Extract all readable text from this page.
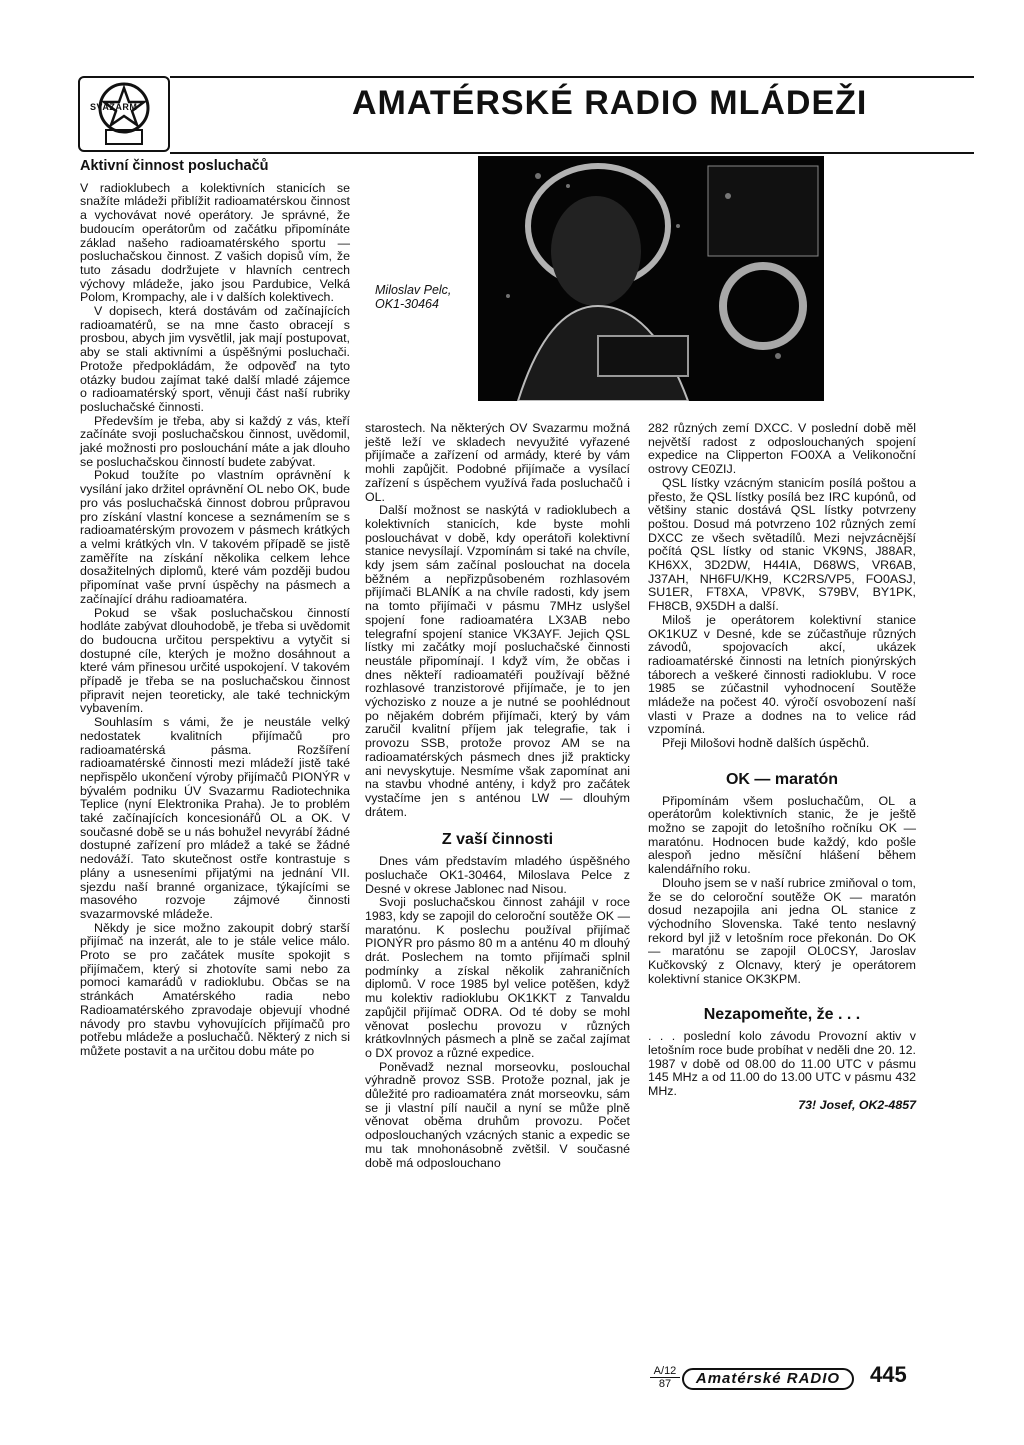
SVAZARM	AMATÉRSKÉ RADIO MLÁDEŽI
Aktivní činnost posluchačů

V radioklubech a kolektivních stanicích se snažíte mládeži přiblížit radioamatérskou činnost a vychovávat nové operátory. Je správné, že budoucím operátorům od začátku připomínáte základ našeho radioamatérského sportu — posluchačskou činnost. Z vašich dopisů vím, že tuto zásadu dodržujete v hlavních centrech výchovy mládeže, jako jsou Pardubice, Velká Polom, Krompachy, ale i v dalších kolektivech.

V dopisech, která dostávám od začínajících radioamatérů, se na mne často obracejí s prosbou, abych jim vysvětlil, jak mají postupovat, aby se stali aktivními a úspěšnými posluchači. Protože předpokládám, že odpověď na tyto otázky budou zajímat také další mladé zájemce o radioamatérský sport, věnuji část naší rubriky posluchačské činnosti.

Především je třeba, aby si každý z vás, kteří začínáte svoji posluchačskou činnost, uvědomil, jaké možnosti pro poslouchání máte a jak dlouho se posluchačskou činností budete zabývat.

Pokud toužíte po vlastním oprávnění k vysílání jako držitel oprávnění OL nebo OK, bude pro vás posluchačská činnost dobrou průpravou pro získání vlastní koncese a seznámením se s radioamatérským provozem v pásmech krátkých a velmi krátkých vln. V takovém případě se jistě zaměříte na získání několika celkem lehce dosažitelných diplomů, které vám později budou připomínat vaše první úspěchy na pásmech a začínající dráhu radioamatéra.

Pokud se však posluchačskou činností hodláte zabývat dlouhodobě, je třeba si uvědomit do budoucna určitou perspektivu a vytyčit si dostupné cíle, kterých je možno dosáhnout a které vám přinesou určité uspokojení. V takovém případě je třeba se na posluchačskou činnost připravit nejen teoreticky, ale také technickým vybavením.

Souhlasím s vámi, že je neustále velký nedostatek kvalitních přijímačů pro radioamatérská pásma. Rozšíření radioamatérské činnosti mezi mládeží jistě také nepřispělo ukončení výroby přijímačů PIONÝR v bývalém podniku ÚV Svazarmu Radiotechnika Teplice (nyní Elektronika Praha). Je to problém také začínajících koncesionářů OL a OK. V současné době se u nás bohužel nevyrábí žádné dostupné zařízení pro mládež a také se žádné nedováží. Tato skutečnost ostře kontrastuje s plány a usneseními přijatými na jednání VII. sjezdu naší branné organizace, týkajícími se masového rozvoje zájmové činnosti svazarmovské mládeže.

Někdy je sice možno zakoupit dobrý starší přijímač na inzerát, ale to je stále velice málo. Proto se pro začátek musíte spokojit s přijímačem, který si zhotovíte sami nebo za pomoci kamarádů v radioklubu. Občas se na stránkách Amatérského radia nebo Radioamatérského zpravodaje objevují vhodné návody pro stavbu vyhovujících přijímačů pro potřebu mládeže a posluchačů. Některý z nich si můžete postavit a na určitou dobu máte po

Miloslav Pelc,
OK1-30464

starostech. Na některých OV Svazarmu možná ještě leží ve skladech nevyužité vyřazené přijímače a zařízení od armády, které by vám mohli zapůjčit. Podobné přijímače a vysílací zařízení s úspěchem využívá řada posluchačů i OL.

Další možnost se naskýtá v radioklubech a kolektivních stanicích, kde byste mohli poslouchávat v době, kdy operátoři kolektivní stanice nevysílají. Vzpomínám si také na chvíle, kdy jsem sám začínal poslouchat na docela běžném a nepřizpůsobeném rozhlasovém přijímači BLANÍK a na chvíle radosti, kdy jsem na tomto přijímači v pásmu 7MHz uslyšel spojení fone radioamatéra LX3AB nebo telegrafní spojení stanice VK3AYF. Jejich QSL lístky mi začátky mojí posluchačské činnosti neustále připomínají. I když vím, že občas i dnes někteří radioamatéři používají běžné rozhlasové tranzistorové přijímače, je to jen výchozisko z nouze a je nutné se poohlédnout po nějakém dobrém přijímači, který by vám zaručil kvalitní příjem jak telegrafie, tak i provozu SSB, protože provoz AM se na radioamatérských pásmech dnes již prakticky ani nevyskytuje. Nesmíme však zapomínat ani na stavbu vhodné antény, i když pro začátek vystačíme jen s anténou LW — dlouhým drátem.

Z vaší činnosti

Dnes vám představím mladého úspěšného posluchače OK1-30464, Miloslava Pelce z Desné v okrese Jablonec nad Nisou.

Svoji posluchačskou činnost zahájil v roce 1983, kdy se zapojil do celoroční soutěže OK — maratónu. K poslechu používal přijímač PIONÝR pro pásmo 80 m a anténu 40 m dlouhý drát. Poslechem na tomto přijímači splnil podmínky a získal několik zahraničních diplomů. V roce 1985 byl velice potěšen, když mu kolektiv radioklubu OK1KKT z Tanvaldu zapůjčil přijímač ODRA. Od té doby se mohl věnovat poslechu provozu v různých krátkovlnných pásmech a plně se začal zajímat o DX provoz a různé expedice.

Poněvadž neznal morseovku, poslouchal výhradně provoz SSB. Protože poznal, jak je důležité pro radioamatéra znát morseovku, sám se ji vlastní pílí naučil a nyní se může plně věnovat oběma druhům provozu. Počet odposlouchaných vzácných stanic a expedic se mu tak mnohonásobně zvětšil. V současné době má odposlouchano

282 různých zemí DXCC. V poslední době měl největší radost z odposlouchaných spojení expedice na Clipperton FO0XA a Velikonoční ostrovy CE0ZIJ.

QSL lístky vzácným stanicím posílá poštou a přesto, že QSL lístky posílá bez IRC kupónů, od většiny stanic dostává QSL lístky potvrzeny poštou. Dosud má potvrzeno 102 různých zemí DXCC ze všech světadílů. Mezi nejvzácnější počítá QSL lístky od stanic VK9NS, J88AR, KH6XX, 3D2DW, H44IA, D68WS, VR6AB, J37AH, NH6FU/KH9, KC2RS/VP5, FO0ASJ, SU1ER, FT8XA, VP8VK, S79BV, BY1PK, FH8CB, 9X5DH a další.

Miloš je operátorem kolektivní stanice OK1KUZ v Desné, kde se zúčastňuje různých závodů, spojovacích akcí, ukázek radioamatérské činnosti na letních pionýrských táborech a veškeré činnosti radioklubu. V roce 1985 se zúčastnil vyhodnocení Soutěže mládeže na počest 40. výročí osvobození naší vlasti v Praze a dodnes na to velice rád vzpomíná.

Přeji Milošovi hodně dalších úspěchů.

OK — maratón

Připomínám všem posluchačům, OL a operátorům kolektivních stanic, že je ještě možno se zapojit do letošního ročníku OK — maratónu. Hodnocen bude každý, kdo pošle alespoň jedno měsíční hlášení během kalendářního roku.

Dlouho jsem se v naší rubrice zmiňoval o tom, že se do celoroční soutěže OK — maratón dosud nezapojila ani jedna OL stanice z východního Slovenska. Také tento neslavný rekord byl již v letošním roce překonán. Do OK — maratónu se zapojil OL0CSY, Jaroslav Kučkovský z Olcnavy, který je operátorem kolektivní stanice OK3KPM.

Nezapomeňte, že . . .

. . . poslední kolo závodu Provozní aktiv v letošním roce bude probíhat v neděli dne 20. 12. 1987 v době od 08.00 do 11.00 UTC v pásmu 145 MHz a od 11.00 do 13.00 UTC v pásmu 432 MHz.

73! Josef, OK2-4857
A/12
87	Amatérské RADIO	445
